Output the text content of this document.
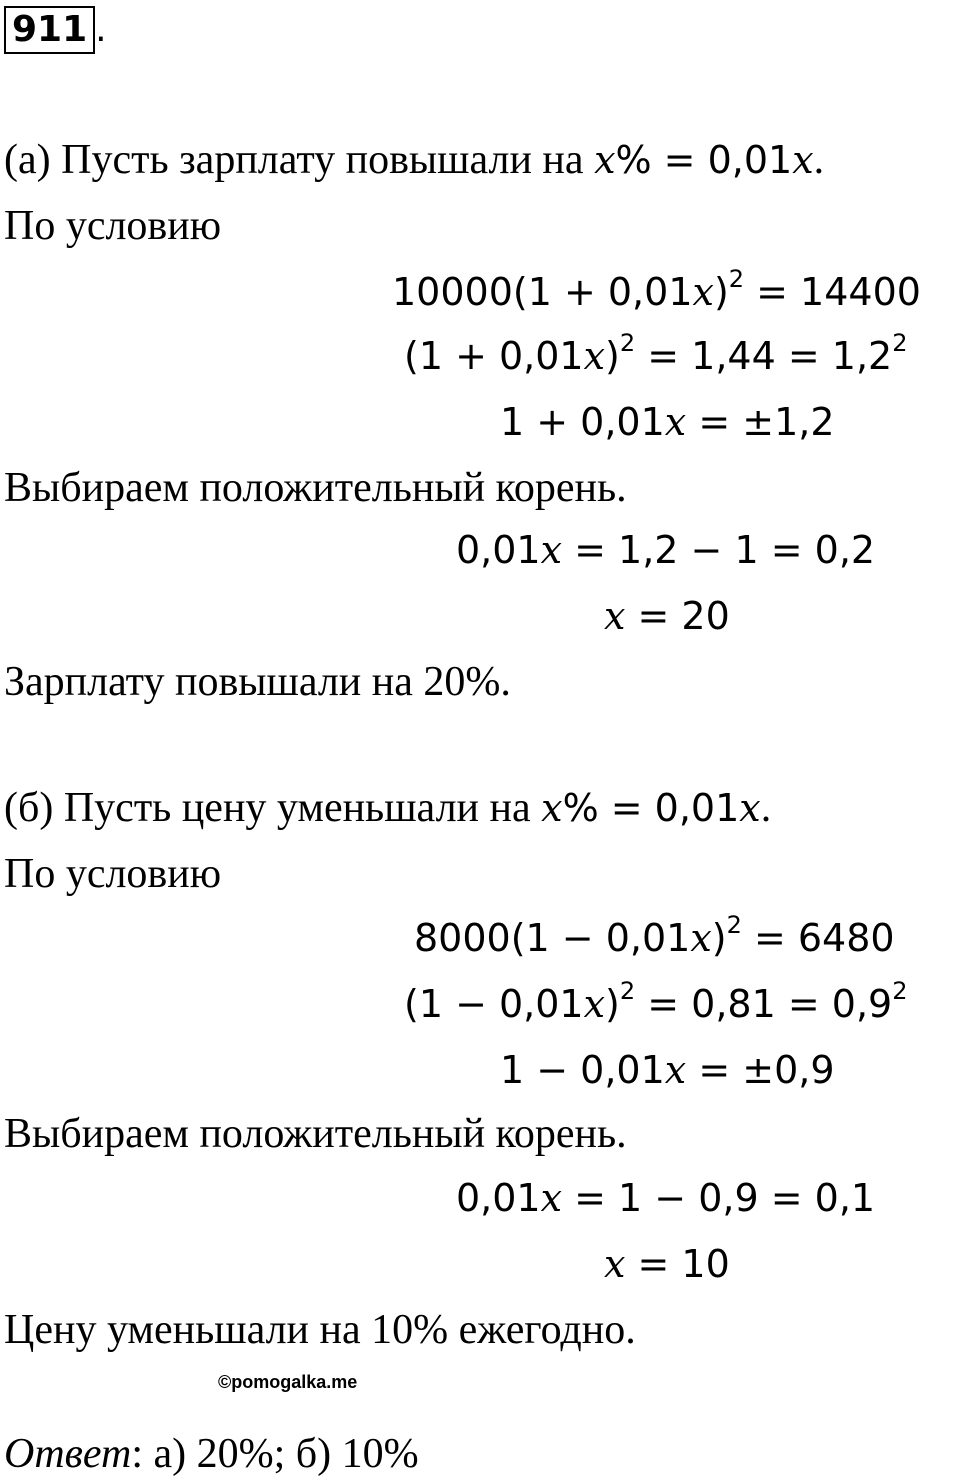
911 .
(а) Пусть зарплату повышали на x% = 0,01x.
По условию
$10000(1 + 0,01x)^2 = 14400$
$(1 + 0,01x)^2 = 1,44 = 1,2^2$
1 + 0,01x = ±1,2
Выбираем положительный корень.
0,01x = 1,2 − 1 = 0,2
x = 20
Зарплату повышали на 20%.
(б) Пусть цену уменьшали на x% = 0,01x.
По условию
$8000(1 - 0,01x)^2 = 6480$
$(1 - 0,01x)^2 = 0,81 = 0,9^2$
1 − 0,01x = ±0,9
Выбираем положительный корень.
0,01x = 1 − 0,9 = 0,1
x = 10
Цену уменьшали на 10% ежегодно.
©pomogalka.me
Ответ: а) 20%; б) 10%
